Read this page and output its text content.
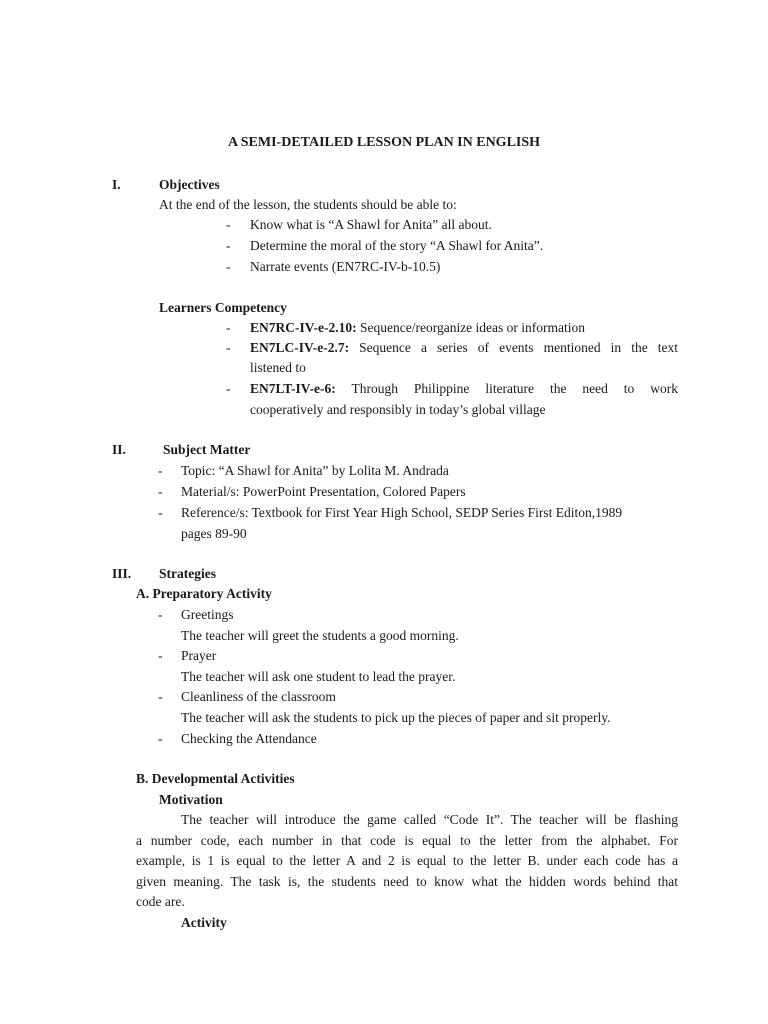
A SEMI-DETAILED LESSON PLAN IN ENGLISH
I.	Objectives
At the end of the lesson, the students should be able to:
- Know what is “A Shawl for Anita” all about.
- Determine the moral of the story “A Shawl for Anita”.
- Narrate events (EN7RC-IV-b-10.5)
Learners Competency
- EN7RC-IV-e-2.10: Sequence/reorganize ideas or information
- EN7LC-IV-e-2.7: Sequence a series of events mentioned in the text
listened to
- EN7LT-IV-e-6: Through Philippine literature the need to work
cooperatively and responsibly in today’s global village
II.	Subject Matter
- Topic: “A Shawl for Anita” by Lolita M. Andrada
- Material/s: PowerPoint Presentation, Colored Papers
- Reference/s: Textbook for First Year High School, SEDP Series First Editon,1989
pages 89-90
III. Strategies
A. Preparatory Activity
- Greetings
The teacher will greet the students a good morning.
- Prayer
The teacher will ask one student to lead the prayer.
- Cleanliness of the classroom
The teacher will ask the students to pick up the pieces of paper and sit properly.
- Checking the Attendance
B. Developmental Activities
Motivation
The teacher will introduce the game called “Code It”. The teacher will be flashing
a number code, each number in that code is equal to the letter from the alphabet. For
example, is 1 is equal to the letter A and 2 is equal to the letter B. under each code has a
given meaning. The task is, the students need to know what the hidden words behind that
code are.
Activity
